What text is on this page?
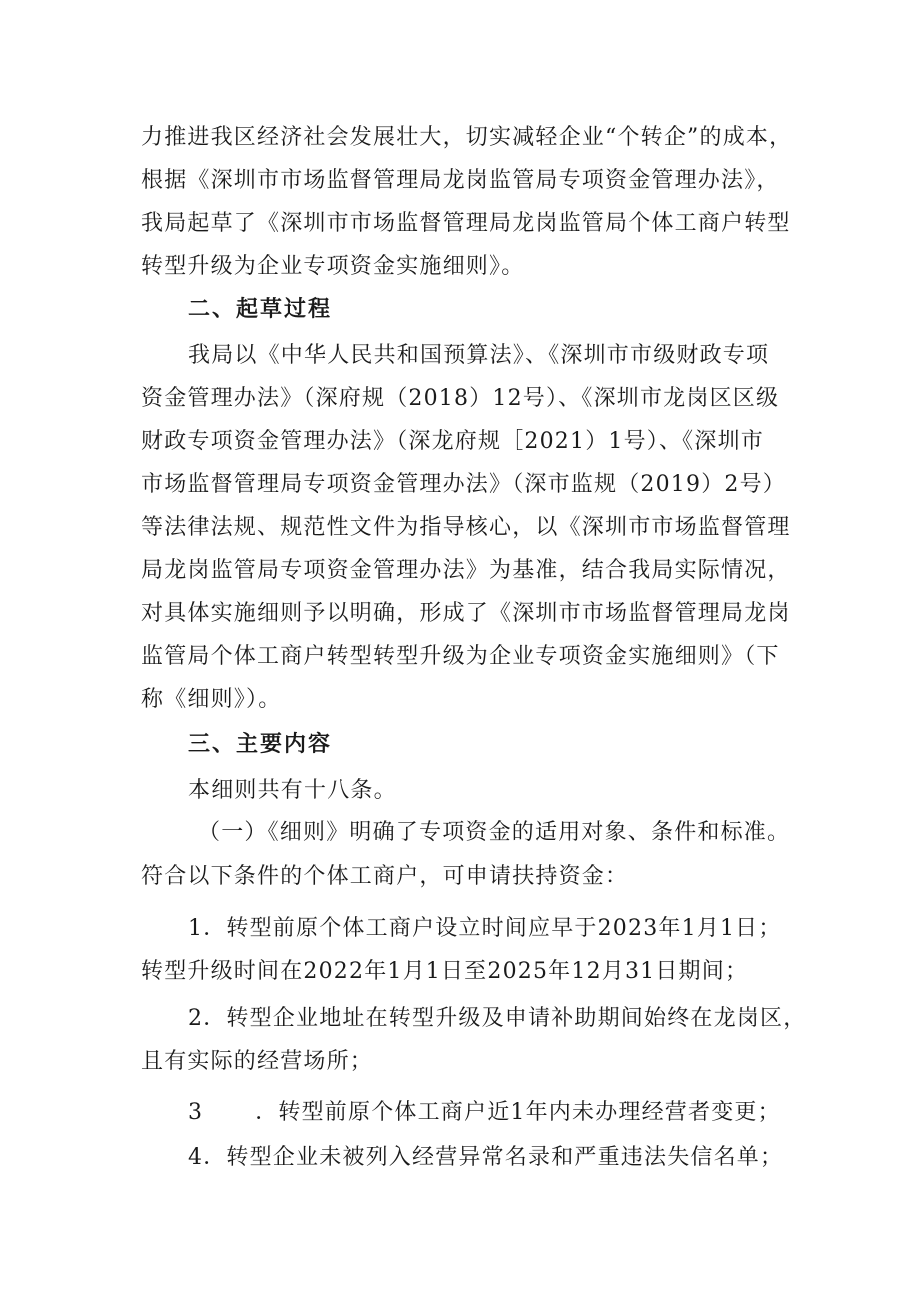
力推进我区经济社会发展壮大，切实减轻企业“个转企”的成本，

根据《深圳市市场监督管理局龙岗监管局专项资金管理办法》，

我局起草了《深圳市市场监督管理局龙岗监管局个体工商户转型

转型升级为企业专项资金实施细则》。

二、起草过程

我局以《中华人民共和国预算法》、《深圳市市级财政专项

资金管理办法》（深府规（2018）12号）、《深圳市龙岗区区级

财政专项资金管理办法》（深龙府规［2021）1号）、《深圳市

市场监督管理局专项资金管理办法》（深市监规（2019）2号）

等法律法规、规范性文件为指导核心，以《深圳市市场监督管理

局龙岗监管局专项资金管理办法》为基准，结合我局实际情况，

对具体实施细则予以明确，形成了《深圳市市场监督管理局龙岗

监管局个体工商户转型转型升级为企业专项资金实施细则》（下

称《细则》）。

三、主要内容

本细则共有十八条。

（一）《细则》明确了专项资金的适用对象、条件和标准。

符合以下条件的个体工商户，可申请扶持资金：

1．转型前原个体工商户设立时间应早于2023年1月1日；

转型升级时间在2022年1月1日至2025年12月31日期间；

2．转型企业地址在转型升级及申请补助期间始终在龙岗区，

且有实际的经营场所；

3 ．转型前原个体工商户近1年内未办理经营者变更；

4．转型企业未被列入经营异常名录和严重违法失信名单；
